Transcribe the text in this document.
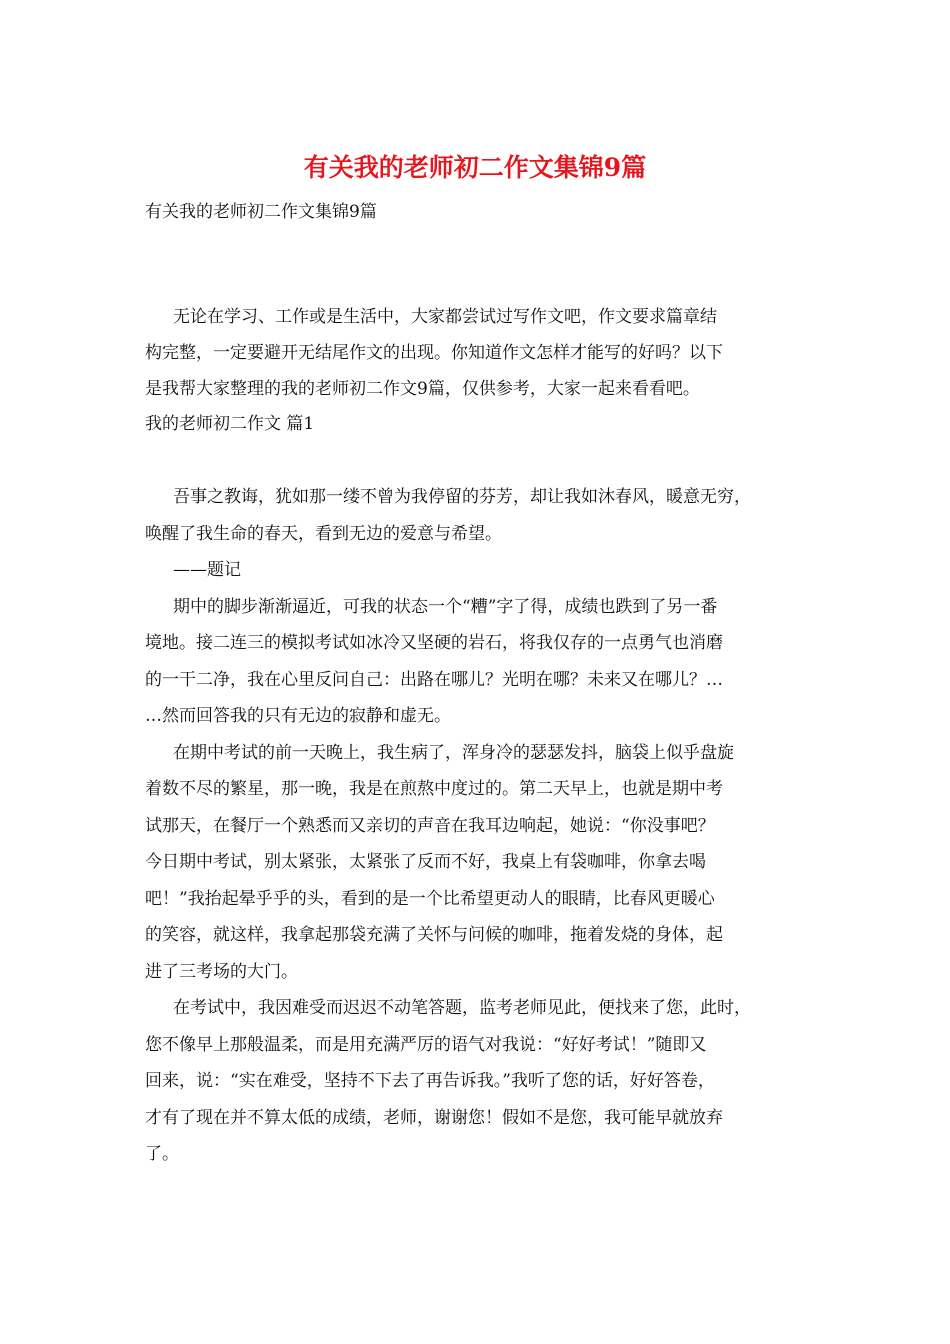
有关我的老师初二作文集锦9篇

有关我的老师初二作文集锦9篇

无论在学习、工作或是生活中，大家都尝试过写作文吧，作文要求篇章结
构完整，一定要避开无结尾作文的出现。你知道作文怎样才能写的好吗？以下
是我帮大家整理的我的老师初二作文9篇，仅供参考，大家一起来看看吧。

我的老师初二作文 篇1

吾事之教诲，犹如那一缕不曾为我停留的芬芳，却让我如沐春风，暖意无穷，
唤醒了我生命的春天，看到无边的爱意与希望。
——题记
期中的脚步渐渐逼近，可我的状态一个“糟”字了得，成绩也跌到了另一番
境地。接二连三的模拟考试如冰冷又坚硬的岩石，将我仅存的一点勇气也消磨
的一干二净，我在心里反问自己：出路在哪儿？光明在哪？未来又在哪儿？…
…然而回答我的只有无边的寂静和虚无。
在期中考试的前一天晚上，我生病了，浑身冷的瑟瑟发抖，脑袋上似乎盘旋
着数不尽的繁星，那一晚，我是在煎熬中度过的。第二天早上，也就是期中考
试那天，在餐厅一个熟悉而又亲切的声音在我耳边响起，她说：“你没事吧？
今日期中考试，别太紧张，太紧张了反而不好，我桌上有袋咖啡，你拿去喝
吧！”我抬起晕乎乎的头，看到的是一个比希望更动人的眼睛，比春风更暖心
的笑容，就这样，我拿起那袋充满了关怀与问候的咖啡，拖着发烧的身体，起
进了三考场的大门。
在考试中，我因难受而迟迟不动笔答题，监考老师见此，便找来了您，此时，
您不像早上那般温柔，而是用充满严厉的语气对我说：“好好考试！”随即又
回来，说：“实在难受，坚持不下去了再告诉我。”我听了您的话，好好答卷，
才有了现在并不算太低的成绩，老师，谢谢您！假如不是您，我可能早就放弃
了。
